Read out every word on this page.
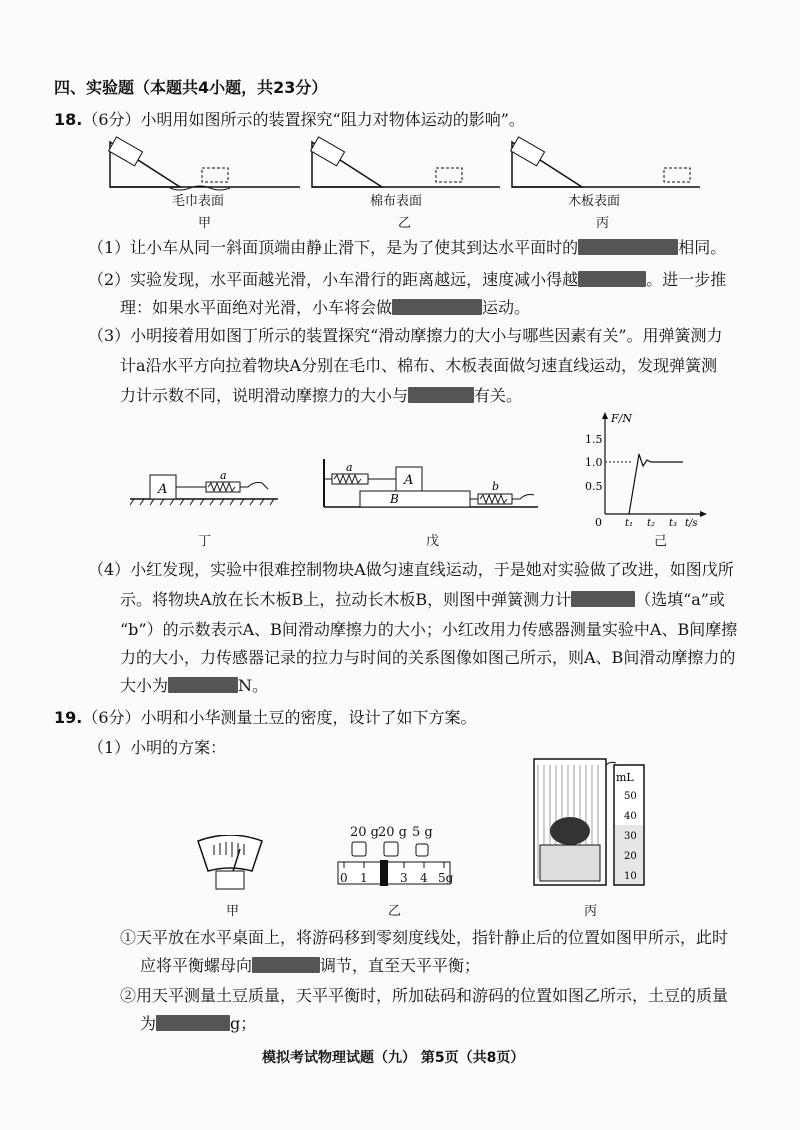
四、实验题（本题共4小题，共23分）
18.（6分）小明用如图所示的装置探究“阻力对物体运动的影响”。
毛巾表面	棉布表面	木板表面
甲	乙	丙
（1）让小车从同一斜面顶端由静止滑下，是为了使其到达水平面时的	相同。
（2）实验发现，水平面越光滑，小车滑行的距离越远，速度减小得越	。进一步推
理：如果水平面绝对光滑，小车将会做	运动。
（3）小明接着用如图丁所示的装置探究“滑动摩擦力的大小与哪些因素有关”。用弹簧测力
计a沿水平方向拉着物块A分别在毛巾、棉布、木板表面做匀速直线运动，发现弹簧测
力计示数不同，说明滑动摩擦力的大小与	有关。
A
a
丁
B
A
a
b
戊
F/N
1.5
1.0
0.5
0 t₁ t₂ t₃ t/s
己
（4）小红发现，实验中很难控制物块A做匀速直线运动，于是她对实验做了改进，如图戊所
示。将物块A放在长木板B上，拉动长木板B，则图中弹簧测力计	（选填“a”或
“b”）的示数表示A、B间滑动摩擦力的大小；小红改用力传感器测量实验中A、B间摩擦
力的大小，力传感器记录的拉力与时间的关系图像如图己所示，则A、B间滑动摩擦力的
大小为	N。
19.（6分）小明和小华测量土豆的密度，设计了如下方案。
（1）小明的方案：
甲
20 g 20 g 5 g
0 1 2 3 4 5g
乙
mL
50
40
30
20
10
丙
①天平放在水平桌面上，将游码移到零刻度线处，指针静止后的位置如图甲所示，此时
应将平衡螺母向	调节，直至天平平衡；
②用天平测量土豆质量，天平平衡时，所加砝码和游码的位置如图乙所示，土豆的质量
为	g；
模拟考试物理试题（九） 第5页（共8页）
